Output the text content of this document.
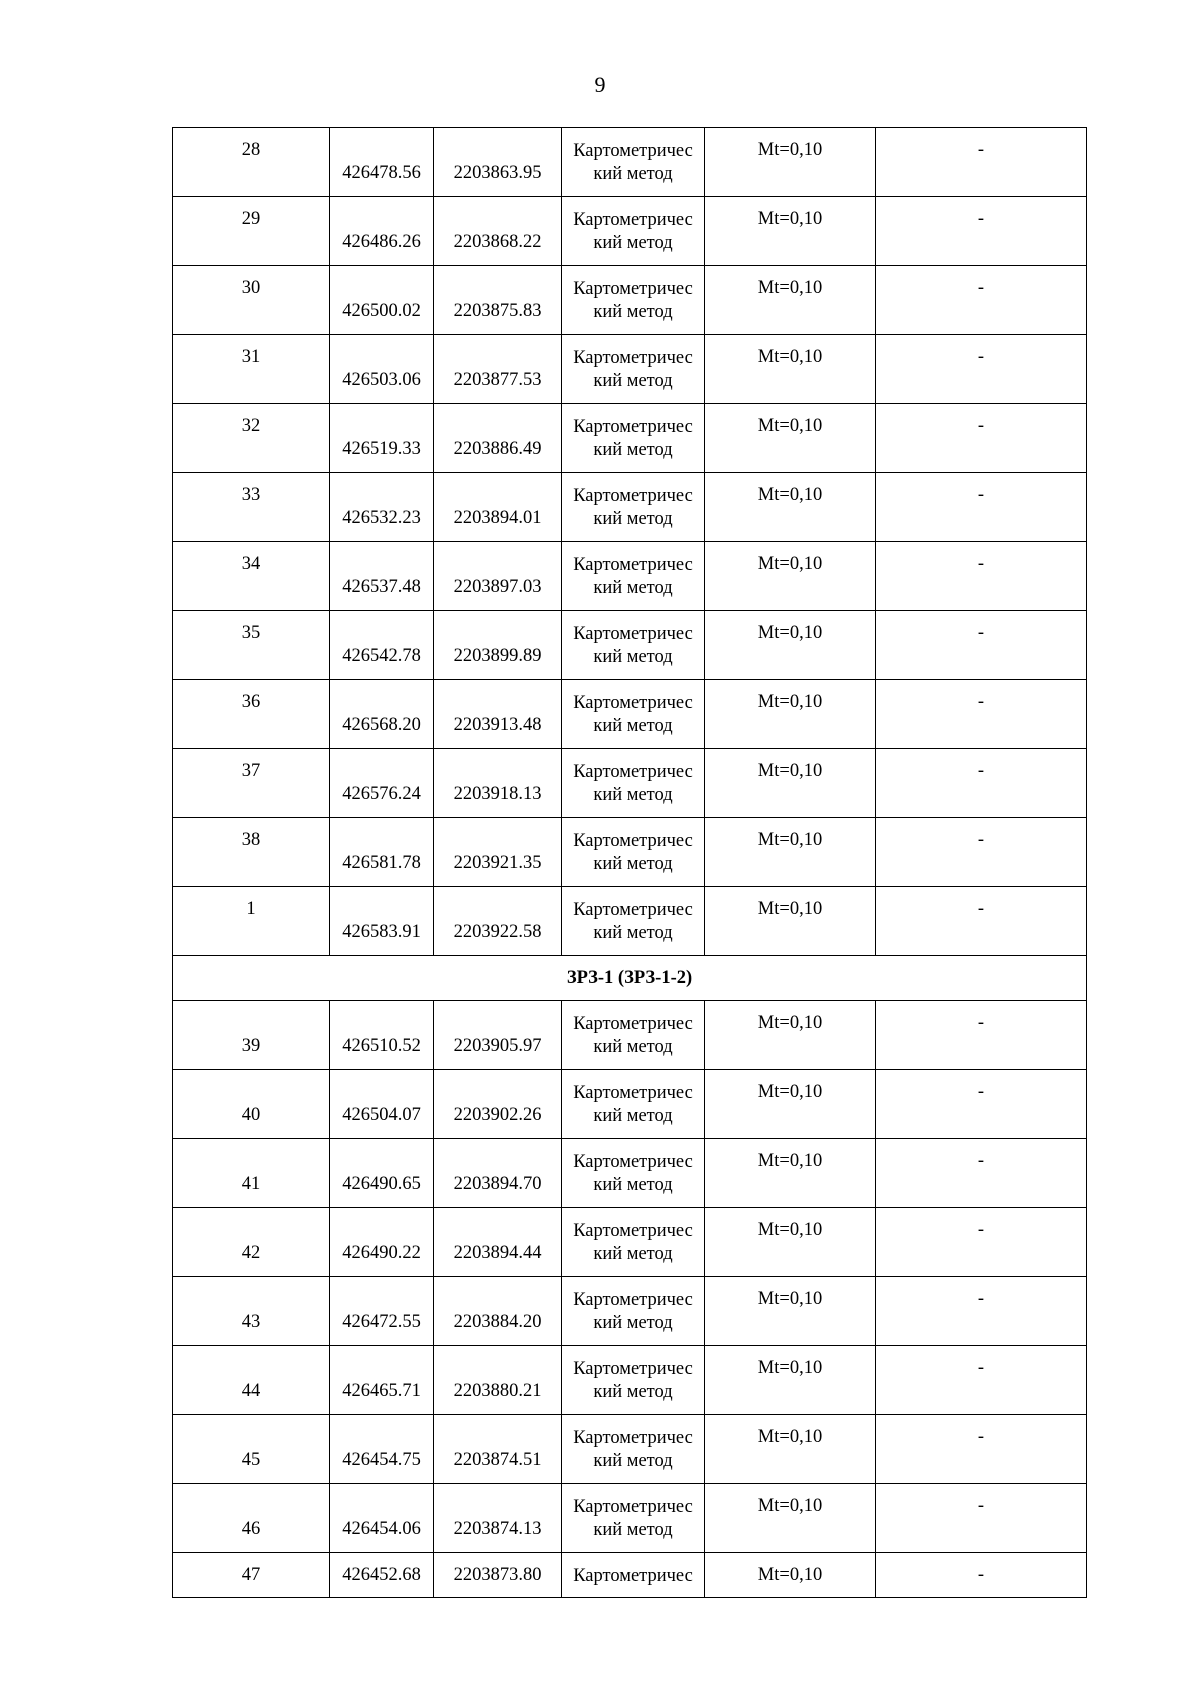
9
28	426478.56	2203863.95	Картометричес
кий метод	Mt=0,10	-

29	426486.26	2203868.22	Картометричес
кий метод	Mt=0,10	-

30	426500.02	2203875.83	Картометричес
кий метод	Mt=0,10	-

31	426503.06	2203877.53	Картометричес
кий метод	Mt=0,10	-

32	426519.33	2203886.49	Картометричес
кий метод	Mt=0,10	-

33	426532.23	2203894.01	Картометричес
кий метод	Mt=0,10	-

34	426537.48	2203897.03	Картометричес
кий метод	Mt=0,10	-

35	426542.78	2203899.89	Картометричес
кий метод	Mt=0,10	-

36	426568.20	2203913.48	Картометричес
кий метод	Mt=0,10	-

37	426576.24	2203918.13	Картометричес
кий метод	Mt=0,10	-

38	426581.78	2203921.35	Картометричес
кий метод	Mt=0,10	-

1	426583.91	2203922.58	Картометричес
кий метод	Mt=0,10	-

ЗРЗ-1 (ЗРЗ-1-2)					

39	426510.52	2203905.97	Картометричес
кий метод	Mt=0,10	-

40	426504.07	2203902.26	Картометричес
кий метод	Mt=0,10	-

41	426490.65	2203894.70	Картометричес
кий метод	Mt=0,10	-

42	426490.22	2203894.44	Картометричес
кий метод	Mt=0,10	-

43	426472.55	2203884.20	Картометричес
кий метод	Mt=0,10	-

44	426465.71	2203880.21	Картометричес
кий метод	Mt=0,10	-

45	426454.75	2203874.51	Картометричес
кий метод	Mt=0,10	-

46	426454.06	2203874.13	Картометричес
кий метод	Mt=0,10	-

47	426452.68	2203873.80	Картометричес	Mt=0,10	-
